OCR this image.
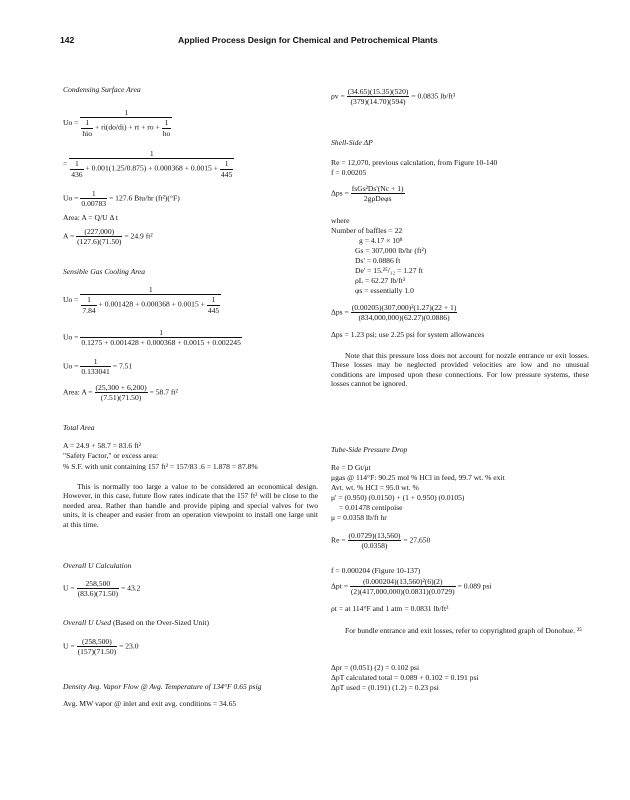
142	Applied Process Design for Chemical and Petrochemical Plants
Condensing Surface Area
Uo =
1
1
hio
+ ri(do/di) + rt + ro + $\frac{1}{ho}$
= $\frac{1}{\frac{1}{436} + 0.001(1.25/0.875) + 0.000368 + 0.0015 + \frac{1}{445}}$
$Uo = \frac{1}{0.00783} = 127.6$ Btu/hr (ft²)(°F)
Area: A = Q/U Δ t
$A = \frac{(227,000)}{(127.6)(71.50)} = 24.9$ ft²
Sensible Gas Cooling Area
$Uo = \frac{1}{\frac{1}{7.84} + 0.001428 + 0.000368 + 0.0015 + \frac{1}{445}}$
$Uo = \frac{1}{0.1275 + 0.001428 + 0.000368 + 0.0015 + 0.002245}$
$Uo = \frac{1}{0.133041} = 7.51$
Area: $A = \frac{(25,300 + 6,200)}{(7.51)(71.50)} = 58.7$ ft²
Total Area
A = 24.9 + 58.7 = 83.6 ft²
"Safety Factor," or excess area:
% S.F. with unit containing 157 ft² = 157/83 .6 = 1.878 = 87.8%
This is normally too large a value to be considered an economical design. However, in this case, future flow rates indicate that the 157 ft² will be close to the needed area. Rather than handle and provide piping and special valves for two units, it is cheaper and easier from an operation viewpoint to install one large unit at this time.
Overall U Calculation
$U = \frac{258,500}{(83.6)(71.50)} = 43.2$
Overall U Used (Based on the Over-Sized Unit)
$U = \frac{(258,500)}{(157)(71.50)} = 23.0$
Density Avg. Vapor Flow @ Avg. Temperature of 134°F 0.65 psig
Avg. MW vapor @ inlet and exit avg. conditions = 34.65
$\rho v = \frac{(34.65)(15.35)(520)}{(379)(14.70)(594)} = 0.0835$ lb/ft³
Shell-Side ΔP
Re = 12,070, previous calculation, from Figure 10-140
f = 0.00205
Δps =
fsGs²Ds'(Nc + 1)
2gρDeφs
where
Number of baffles = 22
g = 4.17 × 10⁸
Gs = 307,000 lb/hr (ft²)
Ds' = 0.0886 ft
De' = 15.²⁵/₁₂ = 1.27 ft
ρL = 62.27 lb/ft³
φs = essentially 1.0
$\Delta ps = \frac{\text{(0.00205)(307,000)²(1.27)(22 + 1)}}{(834,000,000)(62.27)(0.0886)}$
Δps = 1.23 psi; use 2.25 psi for system allowances
Note that this pressure loss does not account for nozzle entrance or exit losses. These losses may be neglected provided velocities are low and no unusual conditions are imposed upon these connections. For low pressure systems, these losses cannot be ignored.
Tube-Side Pressure Drop
Re = D Gt/μt
μgas @ 114°F: 90.25 mol % HCl in feed, 99.7 wt. % exit
Avt. wt. % HCl = 95.0 wt. %
μ' = (0.950) (0.0150) + (1 + 0.950) (0.0105)
= 0.01478 centipoise
μ = 0.0358 lb/ft hr
$Re = \frac{(0.0729)(13,560)}{(0.0358)} = 27,650$
f = 0.000204 (Figure 10-137)
$\Delta pt = \frac{\text{(0.000204)(13,560)²(6)(2)}}{(2)(417,000,000)(0.0831)(0.0729)} = 0.089$ psi
ρt = at 114°F and 1 atm = 0.0831 lb/ft³
For bundle entrance and exit losses, refer to copyrighted graph of Donohue. ²⁵
Δpr = (0.051) (2) = 0.102 psi
ΔpT calculated total = 0.089 + 0.102 = 0.191 psi
ΔpT used = (0.191) (1.2) = 0.23 psi
